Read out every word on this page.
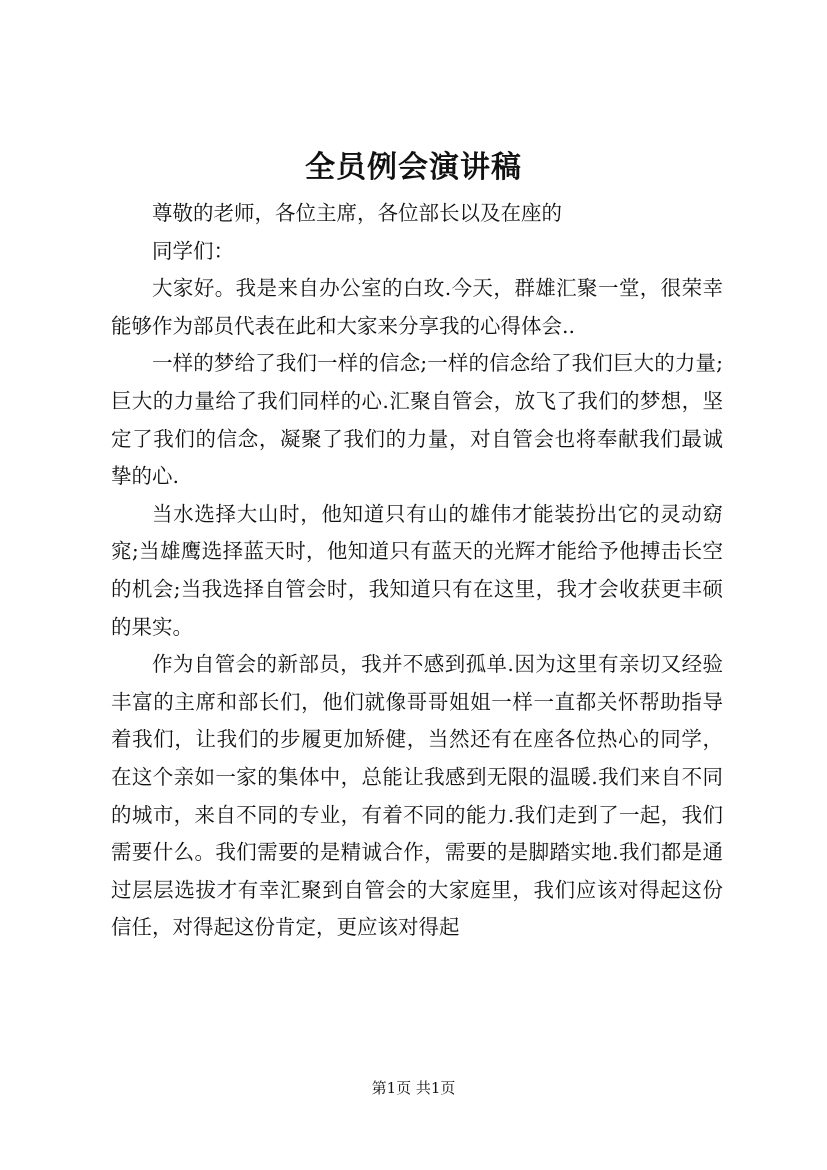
全员例会演讲稿

尊敬的老师，各位主席，各位部长以及在座的

同学们：

大家好。我是来自办公室的白玫.今天，群雄汇聚一堂，很荣幸能够作为部员代表在此和大家来分享我的心得体会..

一样的梦给了我们一样的信念;一样的信念给了我们巨大的力量;巨大的力量给了我们同样的心.汇聚自管会，放飞了我们的梦想，坚定了我们的信念，凝聚了我们的力量，对自管会也将奉献我们最诚挚的心.

当水选择大山时，他知道只有山的雄伟才能装扮出它的灵动窈窕;当雄鹰选择蓝天时，他知道只有蓝天的光辉才能给予他搏击长空的机会;当我选择自管会时，我知道只有在这里，我才会收获更丰硕的果实。

作为自管会的新部员，我并不感到孤单.因为这里有亲切又经验丰富的主席和部长们，他们就像哥哥姐姐一样一直都关怀帮助指导着我们，让我们的步履更加矫健，当然还有在座各位热心的同学，在这个亲如一家的集体中，总能让我感到无限的温暖.我们来自不同的城市，来自不同的专业，有着不同的能力.我们走到了一起，我们需要什么。我们需要的是精诚合作，需要的是脚踏实地.我们都是通过层层选拔才有幸汇聚到自管会的大家庭里，我们应该对得起这份信任，对得起这份肯定，更应该对得起

第1页 共1页
